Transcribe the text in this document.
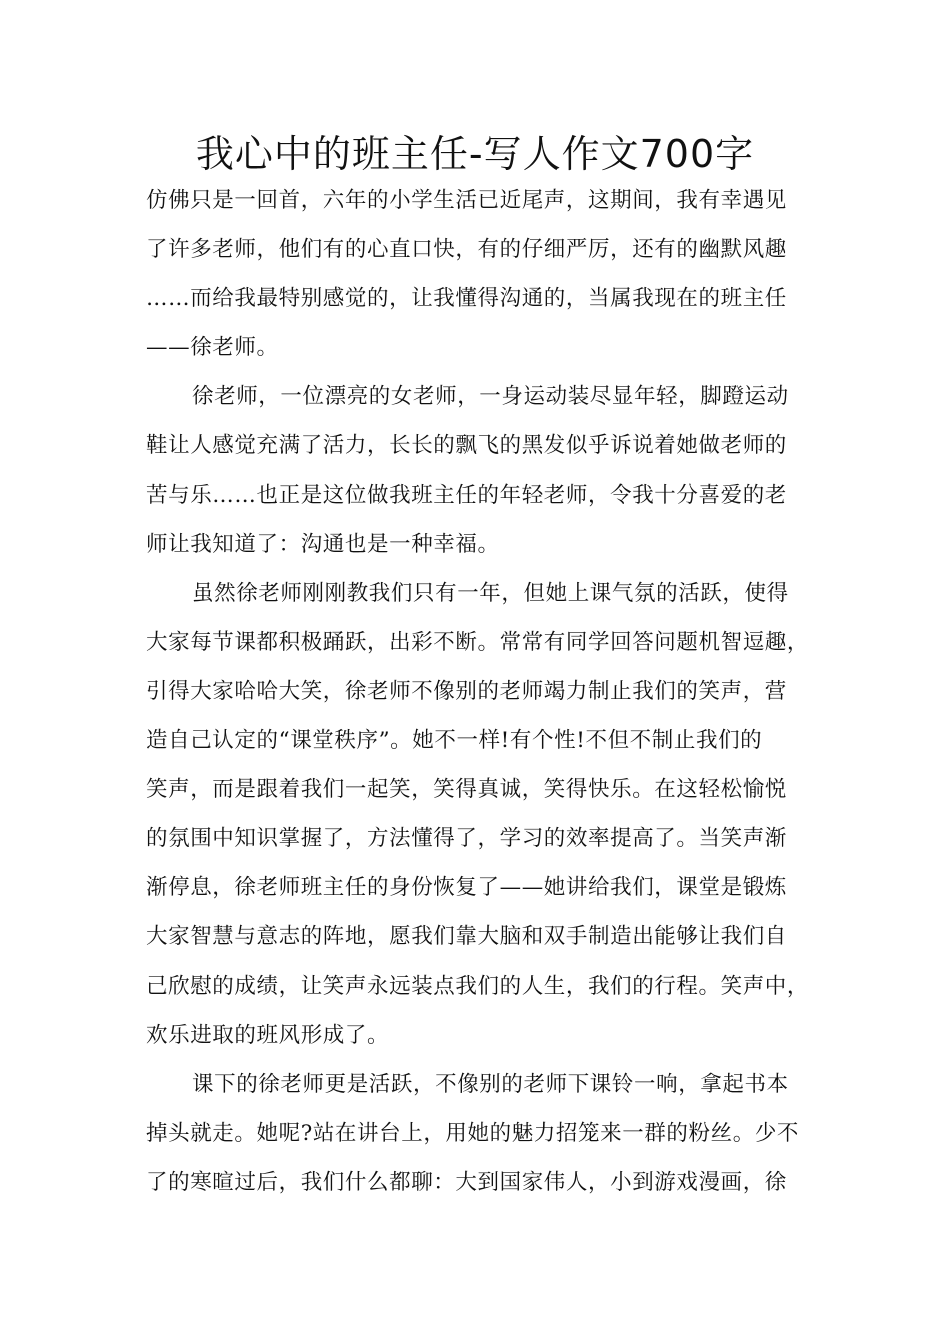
我心中的班主任-写人作文700字
仿佛只是一回首，六年的小学生活已近尾声，这期间，我有幸遇见
了许多老师，他们有的心直口快，有的仔细严厉，还有的幽默风趣
……而给我最特别感觉的，让我懂得沟通的，当属我现在的班主任
——徐老师。
徐老师，一位漂亮的女老师，一身运动装尽显年轻，脚蹬运动
鞋让人感觉充满了活力，长长的飘飞的黑发似乎诉说着她做老师的
苦与乐……也正是这位做我班主任的年轻老师，令我十分喜爱的老
师让我知道了：沟通也是一种幸福。
虽然徐老师刚刚教我们只有一年，但她上课气氛的活跃，使得
大家每节课都积极踊跃，出彩不断。常常有同学回答问题机智逗趣，
引得大家哈哈大笑，徐老师不像别的老师竭力制止我们的笑声，营
造自己认定的“课堂秩序”。她不一样!有个性!不但不制止我们的
笑声，而是跟着我们一起笑，笑得真诚，笑得快乐。在这轻松愉悦
的氛围中知识掌握了，方法懂得了，学习的效率提高了。当笑声渐
渐停息，徐老师班主任的身份恢复了——她讲给我们，课堂是锻炼
大家智慧与意志的阵地，愿我们靠大脑和双手制造出能够让我们自
己欣慰的成绩，让笑声永远装点我们的人生，我们的行程。笑声中，
欢乐进取的班风形成了。
课下的徐老师更是活跃，不像别的老师下课铃一响，拿起书本
掉头就走。她呢?站在讲台上，用她的魅力招笼来一群的粉丝。少不
了的寒暄过后，我们什么都聊：大到国家伟人，小到游戏漫画，徐
